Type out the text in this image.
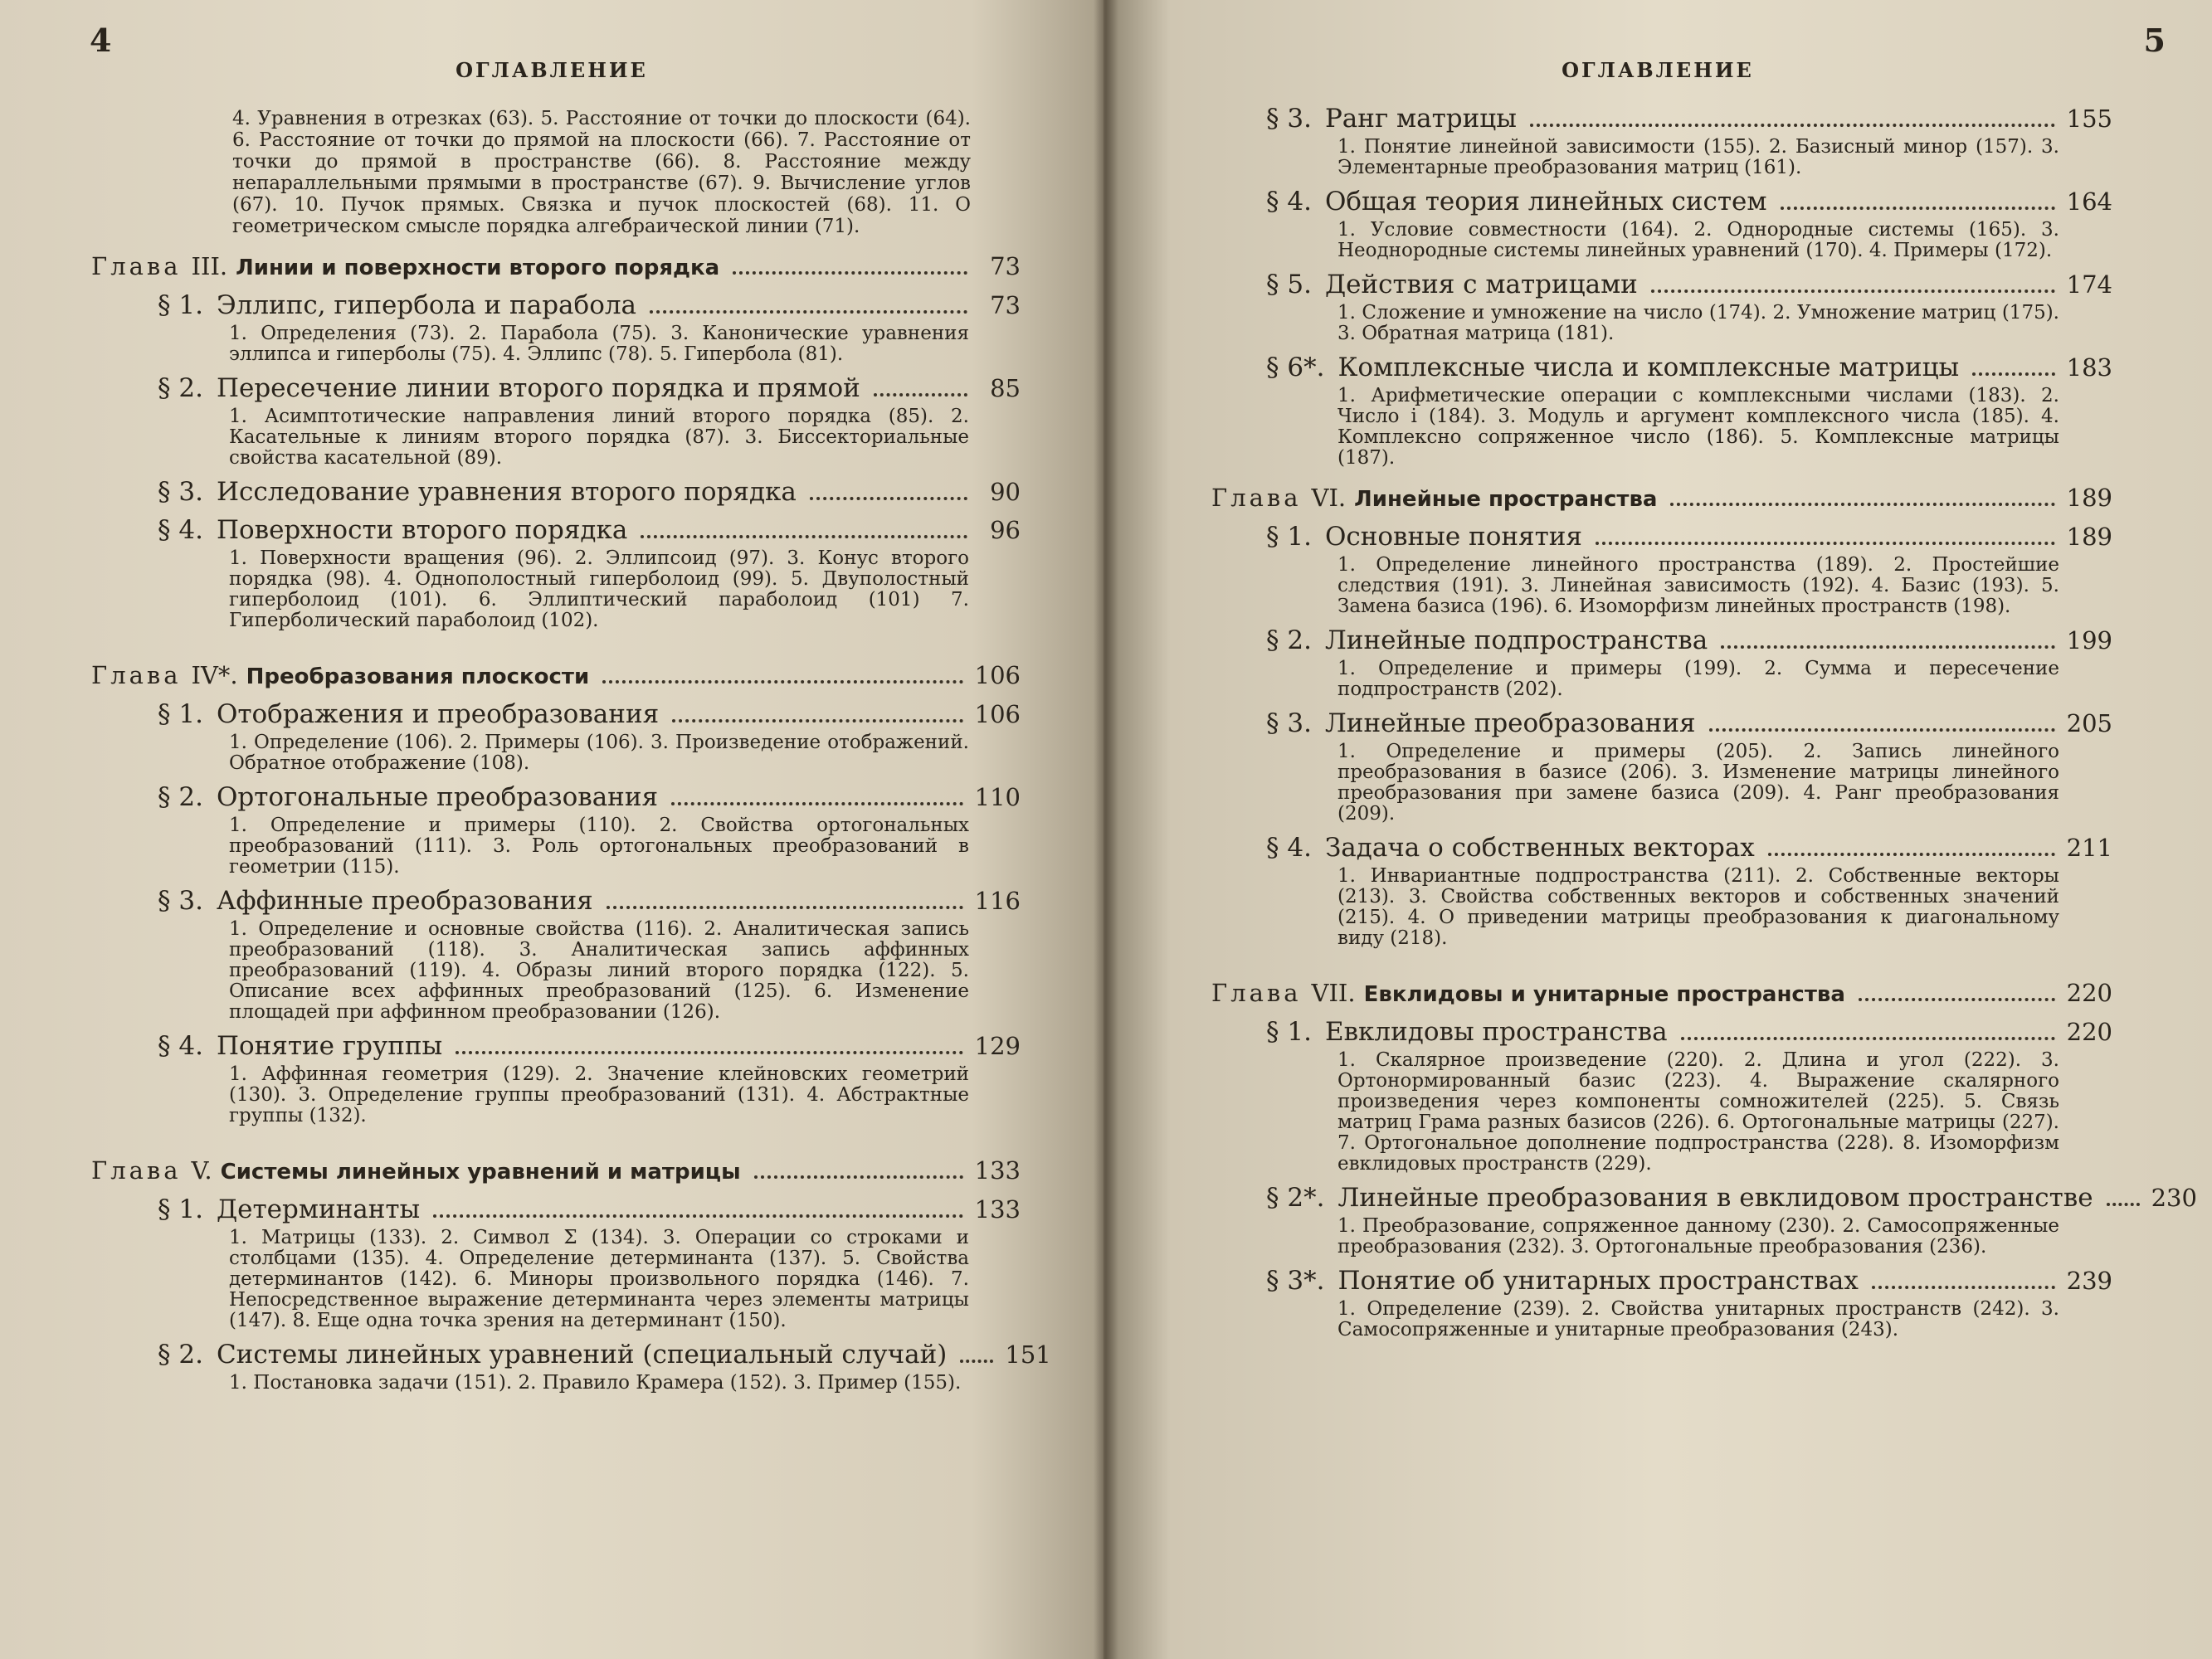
4
ОГЛАВЛЕНИЕ
4. Уравнения в отрезках (63). 5. Расстояние от точки до плоскости (64). 6. Расстояние от точки до прямой на плоскости (66). 7. Расстояние от точки до прямой в пространстве (66). 8. Расстояние между непараллельными прямыми в пространстве (67). 9. Вычисление углов (67). 10. Пучок прямых. Связка и пучок плоскостей (68). 11. О геометрическом смысле порядка алгебраической линии (71).
Глава III. Линии и поверхности второго порядка	73
§ 1. Эллипс, гипербола и парабола	73
1. Определения (73). 2. Парабола (75). 3. Канонические уравнения эллипса и гиперболы (75). 4. Эллипс (78). 5. Гипербола (81).
§ 2. Пересечение линии второго порядка и прямой	85
1. Асимптотические направления линий второго порядка (85). 2. Касательные к линиям второго порядка (87). 3. Биссекториальные свойства касательной (89).
§ 3. Исследование уравнения второго порядка	90
§ 4. Поверхности второго порядка	96
1. Поверхности вращения (96). 2. Эллипсоид (97). 3. Конус второго порядка (98). 4. Однополостный гиперболоид (99). 5. Двуполостный гиперболоид (101). 6. Эллиптический параболоид (101) 7. Гиперболический параболоид (102).
Глава IV*. Преобразования плоскости	106
§ 1. Отображения и преобразования	106
1. Определение (106). 2. Примеры (106). 3. Произведение отображений. Обратное отображение (108).
§ 2. Ортогональные преобразования	110
1. Определение и примеры (110). 2. Свойства ортогональных преобразований (111). 3. Роль ортогональных преобразований в геометрии (115).
§ 3. Аффинные преобразования	116
1. Определение и основные свойства (116). 2. Аналитическая запись преобразований (118). 3. Аналитическая запись аффинных преобразований (119). 4. Образы линий второго порядка (122). 5. Описание всех аффинных преобразований (125). 6. Изменение площадей при аффинном преобразовании (126).
§ 4. Понятие группы	129
1. Аффинная геометрия (129). 2. Значение клейновских геометрий (130). 3. Определение группы преобразований (131). 4. Абстрактные группы (132).
Глава V. Системы линейных уравнений и матрицы	133
§ 1. Детерминанты	133
1. Матрицы (133). 2. Символ Σ (134). 3. Операции со строками и столбцами (135). 4. Определение детерминанта (137). 5. Свойства детерминантов (142). 6. Миноры произвольного порядка (146). 7. Непосредственное выражение детерминанта через элементы матрицы (147). 8. Еще одна точка зрения на детерминант (150).
§ 2. Системы линейных уравнений (специальный случай) 151
1. Постановка задачи (151). 2. Правило Крамера (152). 3. Пример (155).
5
ОГЛАВЛЕНИЕ
§ 3. Ранг матрицы	155
1. Понятие линейной зависимости (155). 2. Базисный минор (157). 3. Элементарные преобразования матриц (161).
§ 4. Общая теория линейных систем	164
1. Условие совместности (164). 2. Однородные системы (165). 3. Неоднородные системы линейных уравнений (170). 4. Примеры (172).
§ 5. Действия с матрицами	174
1. Сложение и умножение на число (174). 2. Умножение матриц (175). 3. Обратная матрица (181).
§ 6*. Комплексные числа и комплексные матрицы	183
1. Арифметические операции с комплексными числами (183). 2. Число i (184). 3. Модуль и аргумент комплексного числа (185). 4. Комплексно сопряженное число (186). 5. Комплексные матрицы (187).
Глава VI. Линейные пространства	189
§ 1. Основные понятия	189
1. Определение линейного пространства (189). 2. Простейшие следствия (191). 3. Линейная зависимость (192). 4. Базис (193). 5. Замена базиса (196). 6. Изоморфизм линейных пространств (198).
§ 2. Линейные подпространства	199
1. Определение и примеры (199). 2. Сумма и пересечение подпространств (202).
§ 3. Линейные преобразования	205
1. Определение и примеры (205). 2. Запись линейного преобразования в базисе (206). 3. Изменение матрицы линейного преобразования при замене базиса (209). 4. Ранг преобразования (209).
§ 4. Задача о собственных векторах	211
1. Инвариантные подпространства (211). 2. Собственные векторы (213). 3. Свойства собственных векторов и собственных значений (215). 4. О приведении матрицы преобразования к диагональному виду (218).
Глава VII. Евклидовы и унитарные пространства	220
§ 1. Евклидовы пространства	220
1. Скалярное произведение (220). 2. Длина и угол (222). 3. Ортонормированный базис (223). 4. Выражение скалярного произведения через компоненты сомножителей (225). 5. Связь матриц Грама разных базисов (226). 6. Ортогональные матрицы (227). 7. Ортогональное дополнение подпространства (228). 8. Изоморфизм евклидовых пространств (229).
§ 2*. Линейные преобразования в евклидовом пространстве 230
1. Преобразование, сопряженное данному (230). 2. Самосопряженные преобразования (232). 3. Ортогональные преобразования (236).
§ 3*. Понятие об унитарных пространствах	239
1. Определение (239). 2. Свойства унитарных пространств (242). 3. Самосопряженные и унитарные преобразования (243).
